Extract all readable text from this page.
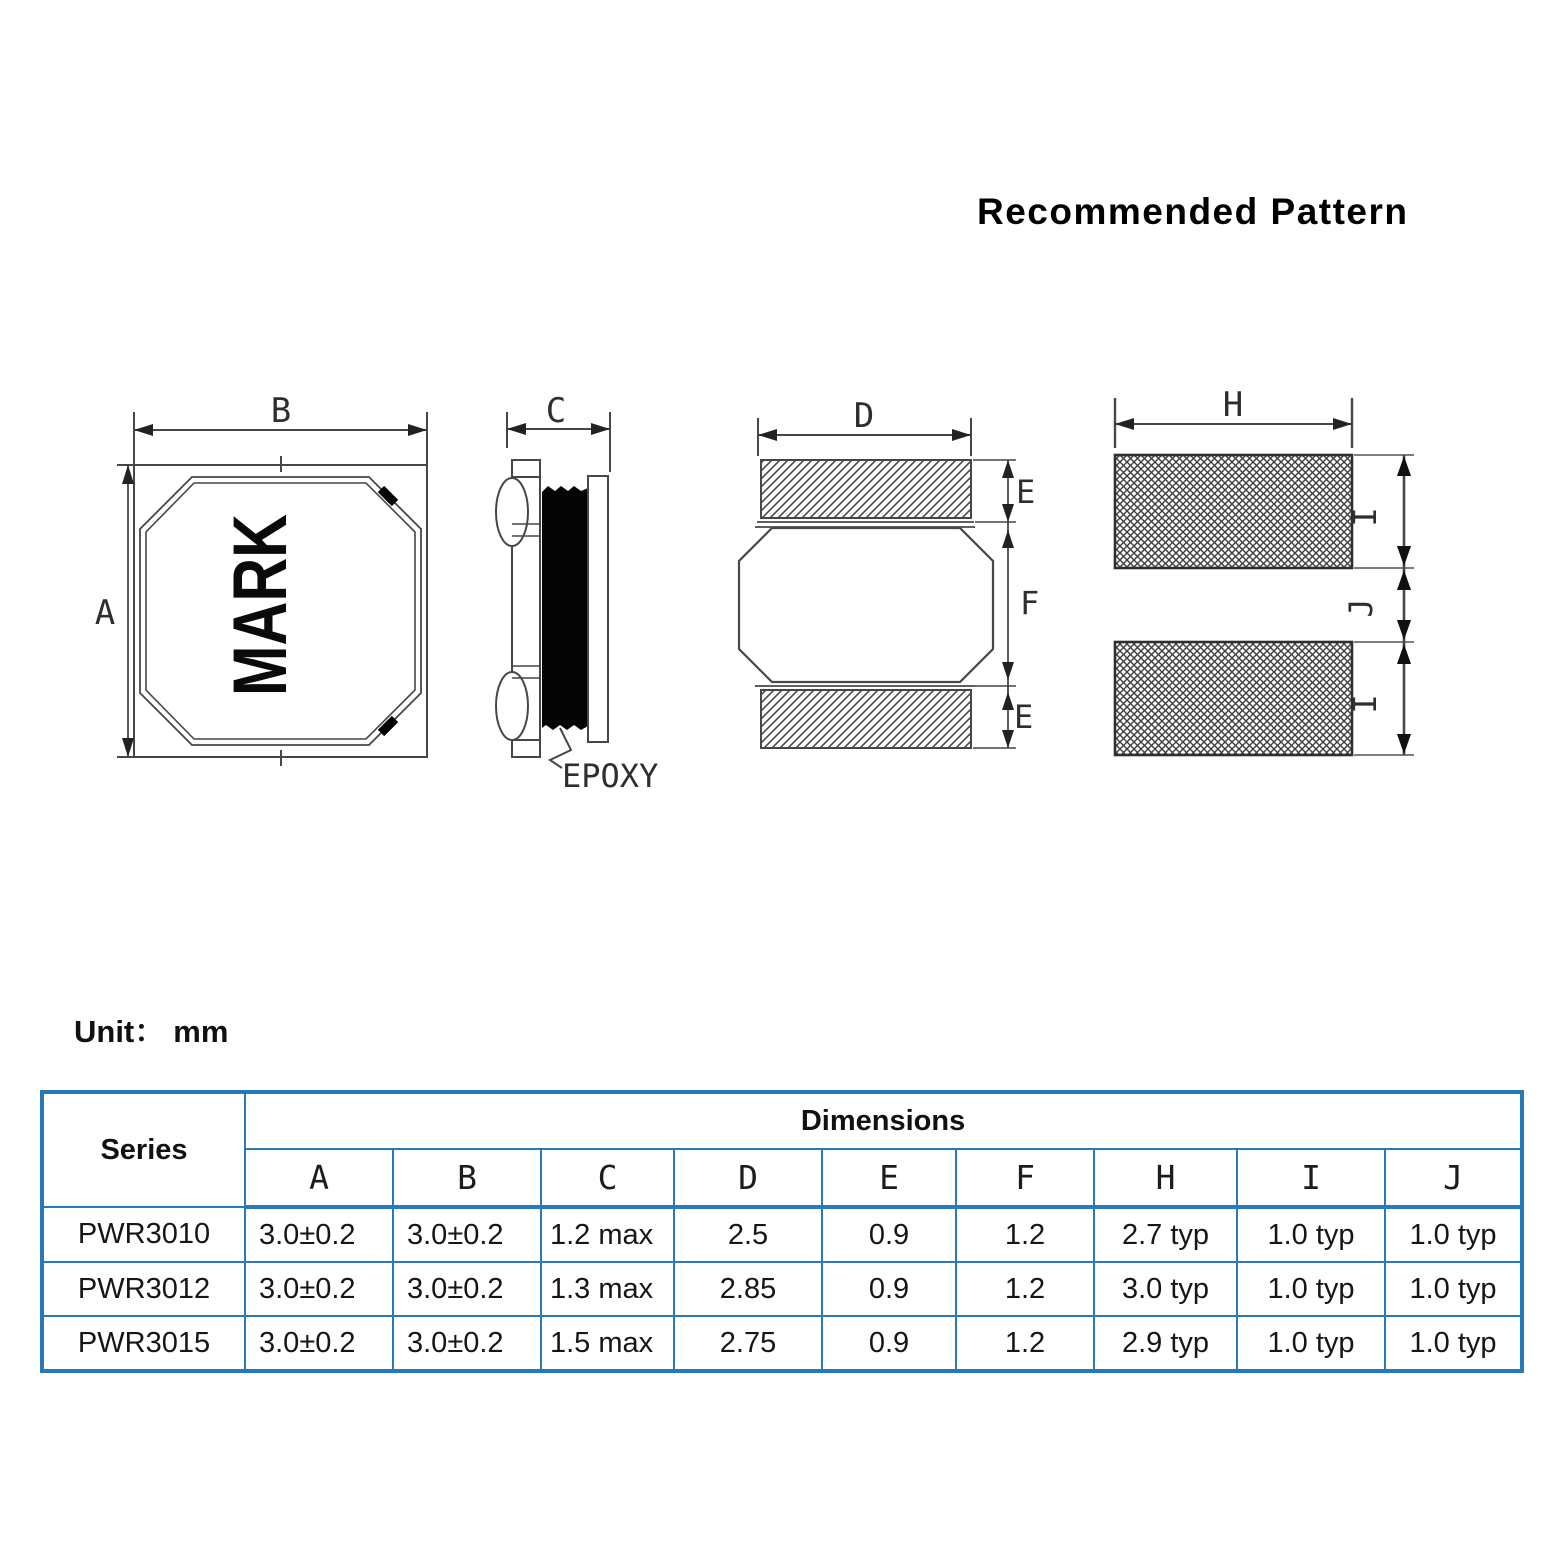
Recommended Pattern
B
A MARK
C
EPOXY
D
E
F
E
H
I
J
I
Unit： mm
Series	Dimensions								
	A	B	C	D	E	F	H	I	J
PWR3010	3.0±0.2	3.0±0.2	1.2 max	2.5	0.9	1.2	2.7 typ	1.0 typ	1.0 typ
PWR3012	3.0±0.2	3.0±0.2	1.3 max	2.85	0.9	1.2	3.0 typ	1.0 typ	1.0 typ
PWR3015	3.0±0.2	3.0±0.2	1.5 max	2.75	0.9	1.2	2.9 typ	1.0 typ	1.0 typ
